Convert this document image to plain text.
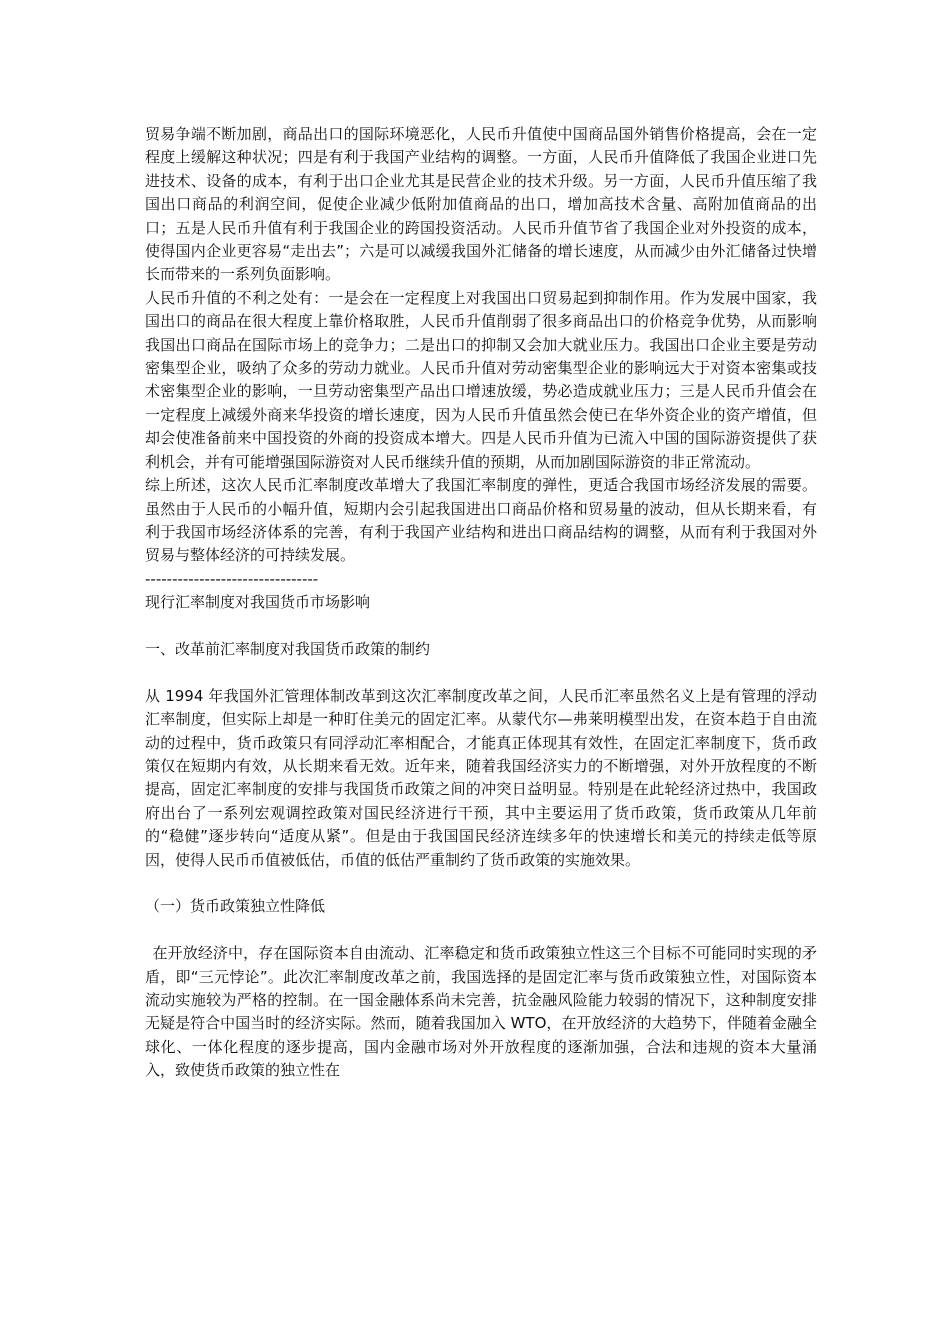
贸易争端不断加剧，商品出口的国际环境恶化，人民币升值使中国商品国外销售价格提高，会在一定程度上缓解这种状况；四是有利于我国产业结构的调整。一方面，人民币升值降低了我国企业进口先进技术、设备的成本，有利于出口企业尤其是民营企业的技术升级。另一方面，人民币升值压缩了我国出口商品的利润空间，促使企业减少低附加值商品的出口，增加高技术含量、高附加值商品的出口；五是人民币升值有利于我国企业的跨国投资活动。人民币升值节省了我国企业对外投资的成本，使得国内企业更容易“走出去”；六是可以减缓我国外汇储备的增长速度，从而减少由外汇储备过快增长而带来的一系列负面影响。

人民币升值的不利之处有：一是会在一定程度上对我国出口贸易起到抑制作用。作为发展中国家，我国出口的商品在很大程度上靠价格取胜，人民币升值削弱了很多商品出口的价格竞争优势，从而影响我国出口商品在国际市场上的竞争力；二是出口的抑制又会加大就业压力。我国出口企业主要是劳动密集型企业，吸纳了众多的劳动力就业。人民币升值对劳动密集型企业的影响远大于对资本密集或技术密集型企业的影响，一旦劳动密集型产品出口增速放缓，势必造成就业压力；三是人民币升值会在一定程度上减缓外商来华投资的增长速度，因为人民币升值虽然会使已在华外资企业的资产增值，但却会使准备前来中国投资的外商的投资成本增大。四是人民币升值为已流入中国的国际游资提供了获利机会，并有可能增强国际游资对人民币继续升值的预期，从而加剧国际游资的非正常流动。

综上所述，这次人民币汇率制度改革增大了我国汇率制度的弹性，更适合我国市场经济发展的需要。虽然由于人民币的小幅升值，短期内会引起我国进出口商品价格和贸易量的波动，但从长期来看，有利于我国市场经济体系的完善，有利于我国产业结构和进出口商品结构的调整，从而有利于我国对外贸易与整体经济的可持续发展。

--------------------------------

现行汇率制度对我国货币市场影响

一、改革前汇率制度对我国货币政策的制约

从 1994 年我国外汇管理体制改革到这次汇率制度改革之间，人民币汇率虽然名义上是有管理的浮动汇率制度，但实际上却是一种盯住美元的固定汇率。从蒙代尔—弗莱明模型出发，在资本趋于自由流动的过程中，货币政策只有同浮动汇率相配合，才能真正体现其有效性，在固定汇率制度下，货币政策仅在短期内有效，从长期来看无效。近年来，随着我国经济实力的不断增强，对外开放程度的不断提高，固定汇率制度的安排与我国货币政策之间的冲突日益明显。特别是在此轮经济过热中，我国政府出台了一系列宏观调控政策对国民经济进行干预，其中主要运用了货币政策，货币政策从几年前的“稳健”逐步转向“适度从紧”。但是由于我国国民经济连续多年的快速增长和美元的持续走低等原因，使得人民币币值被低估，币值的低估严重制约了货币政策的实施效果。

（一）货币政策独立性降低

在开放经济中，存在国际资本自由流动、汇率稳定和货币政策独立性这三个目标不可能同时实现的矛盾，即“三元悖论”。此次汇率制度改革之前，我国选择的是固定汇率与货币政策独立性，对国际资本流动实施较为严格的控制。在一国金融体系尚未完善，抗金融风险能力较弱的情况下，这种制度安排无疑是符合中国当时的经济实际。然而，随着我国加入 WTO，在开放经济的大趋势下，伴随着金融全球化、一体化程度的逐步提高，国内金融市场对外开放程度的逐渐加强，合法和违规的资本大量涌入，致使货币政策的独立性在
